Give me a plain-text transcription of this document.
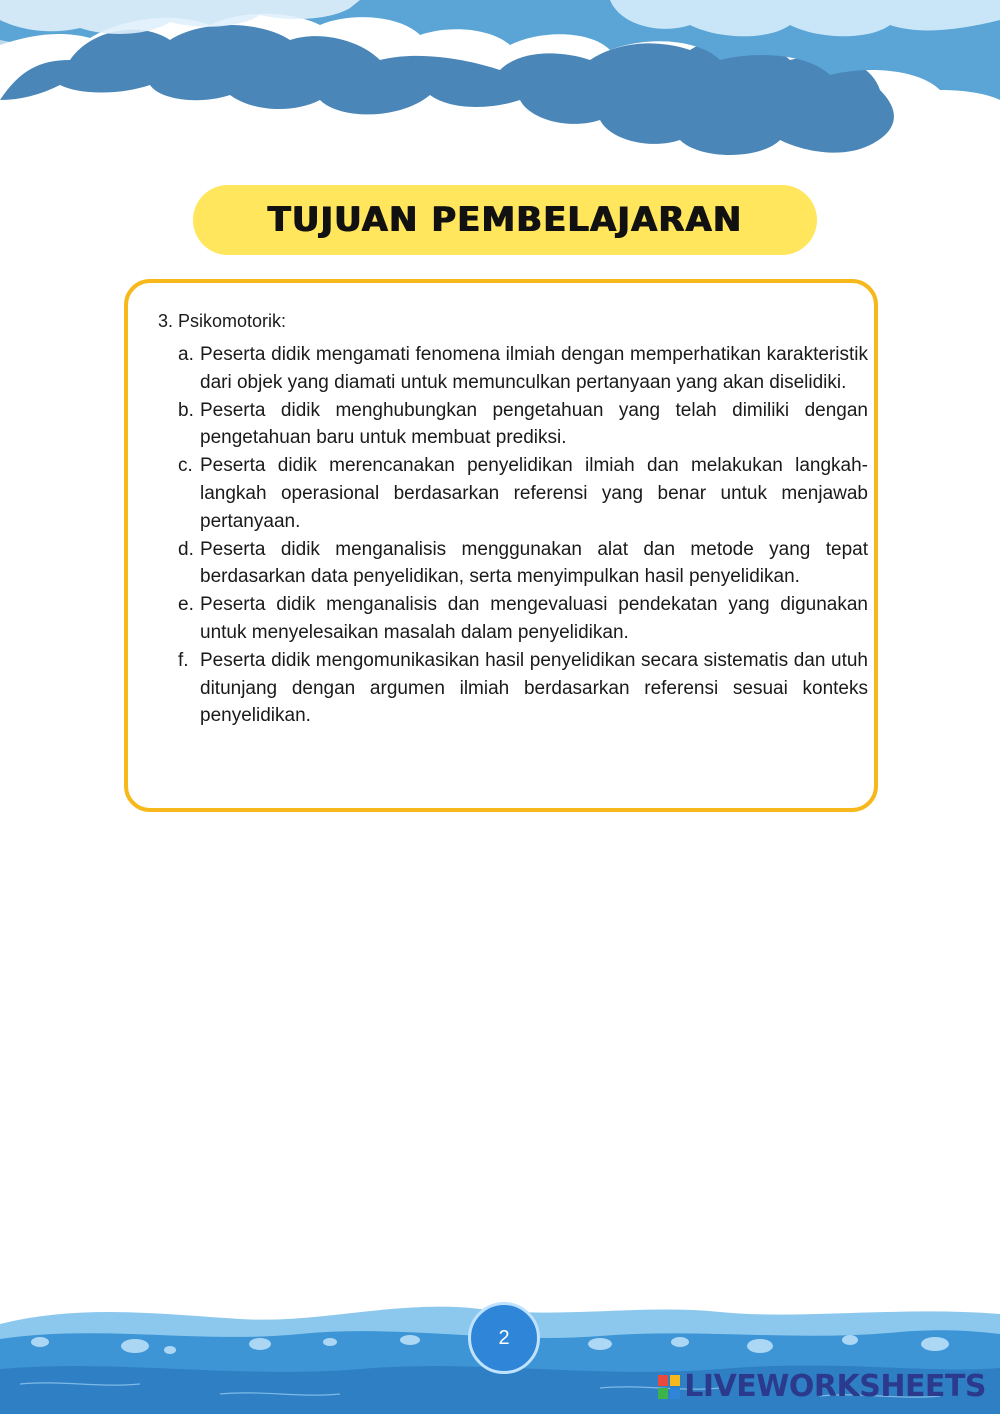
TUJUAN PEMBELAJARAN
3. Psikomotorik:
a. Peserta didik mengamati fenomena ilmiah dengan memperhatikan karakteristik dari objek yang diamati untuk memunculkan pertanyaan yang akan diselidiki.
b. Peserta didik menghubungkan pengetahuan yang telah dimiliki dengan pengetahuan baru untuk membuat prediksi.
c. Peserta didik merencanakan penyelidikan ilmiah dan melakukan langkah-langkah operasional berdasarkan referensi yang benar untuk menjawab pertanyaan.
d. Peserta didik menganalisis menggunakan alat dan metode yang tepat berdasarkan data penyelidikan, serta menyimpulkan hasil penyelidikan.
e. Peserta didik menganalisis dan mengevaluasi pendekatan yang digunakan untuk menyelesaikan masalah dalam penyelidikan.
f. Peserta didik mengomunikasikan hasil penyelidikan secara sistematis dan utuh ditunjang dengan argumen ilmiah berdasarkan referensi sesuai konteks penyelidikan.
2
LIVEWORKSHEETS
